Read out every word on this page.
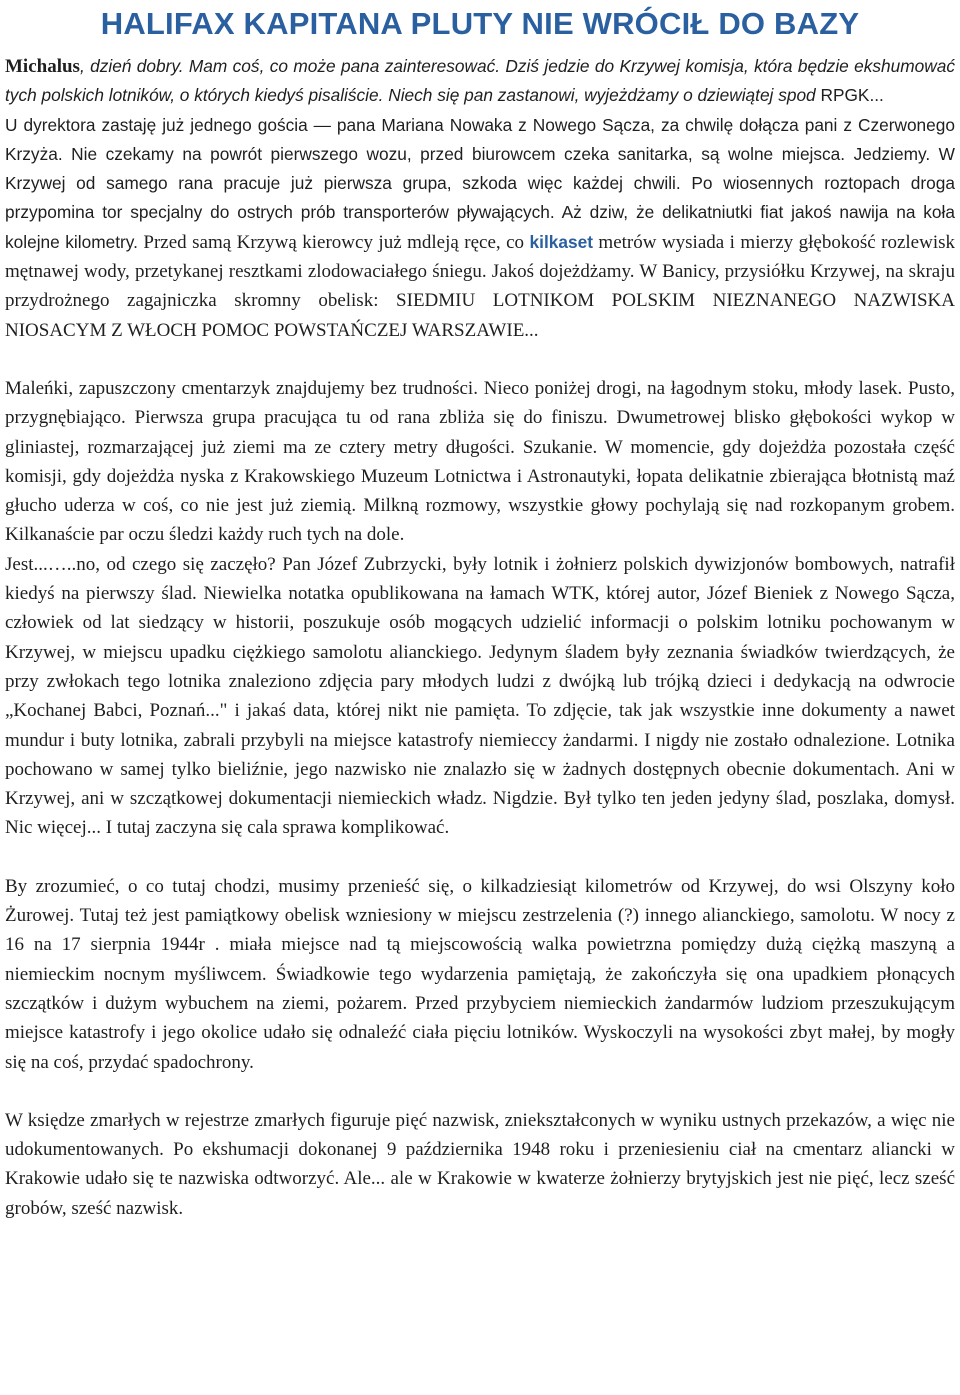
HALIFAX KAPITANA PLUTY NIE WRÓCIŁ DO BAZY

Michalus, dzień dobry. Mam coś, co może pana zainteresować. Dziś jedzie do Krzywej komisja, która będzie ekshumować tych polskich lotników, o których kiedyś pisaliście. Niech się pan zastanowi, wyjeżdżamy o dziewiątej spod RPGK...
U dyrektora zastaję już jednego gościa ― pana Mariana Nowaka z Nowego Sącza, za chwilę dołącza pani z Czerwonego Krzyża. Nie czekamy na powrót pierwszego wozu, przed biurowcem czeka sanitarka, są wolne miejsca. Jedziemy. W Krzywej od samego rana pracuje już pierwsza grupa, szkoda więc każdej chwili. Po wiosennych roztopach droga przypomina tor specjalny do ostrych prób transporterów pływających. Aż dziw, że delikatniutki fiat jakoś nawija na koła kolejne kilometry. Przed samą Krzywą kierowcy już mdleją ręce, co kilkaset metrów wysiada i mierzy głębokość rozlewisk mętnawej wody, przetykanej resztkami zlodowaciałego śniegu. Jakoś dojeżdżamy. W Banicy, przysiółku Krzywej, na skraju przydrożnego zagajniczka skromny obelisk: SIEDMIU LOTNIKOM POLSKIM NIEZNANEGO NAZWISKA NIOSACYM Z WŁOCH POMOC POWSTAŃCZEJ WARSZAWIE...

Maleńki, zapuszczony cmentarzyk znajdujemy bez trudności. Nieco poniżej drogi, na łagodnym stoku, młody lasek. Pusto, przygnębiająco. Pierwsza grupa pracująca tu od rana zbliża się do finiszu. Dwumetrowej blisko głębokości wykop w gliniastej, rozmarzającej już ziemi ma ze cztery metry długości. Szukanie. W momencie, gdy dojeżdża pozostała część komisji, gdy dojeżdża nyska z Krakowskiego Muzeum Lotnictwa i Astronautyki, łopata delikatnie zbierająca błotnistą maź głucho uderza w coś, co nie jest już ziemią. Milkną rozmowy, wszystkie głowy pochylają się nad rozkopanym grobem. Kilkanaście par oczu śledzi każdy ruch tych na dole.

Jest...…..no, od czego się zaczęło? Pan Józef Zubrzycki, były lotnik i żołnierz polskich dywizjonów bombowych, natrafił kiedyś na pierwszy ślad. Niewielka notatka opublikowana na łamach WTK, której autor, Józef Bieniek z Nowego Sącza, człowiek od lat siedzący w historii, poszukuje osób mogących udzielić informacji o polskim lotniku pochowanym w Krzywej, w miejscu upadku ciężkiego samolotu alianckiego. Jedynym śladem były zeznania świadków twierdzących, że przy zwłokach tego lotnika znaleziono zdjęcia pary młodych ludzi z dwójką lub trójką dzieci i dedykacją na odwrocie „Kochanej Babci, Poznań..." i jakaś data, której nikt nie pamięta. To zdjęcie, tak jak wszystkie inne dokumenty a nawet mundur i buty lotnika, zabrali przybyli na miejsce katastrofy niemieccy żandarmi. I nigdy nie zostało odnalezione. Lotnika pochowano w samej tylko bieliźnie, jego nazwisko nie znalazło się w żadnych dostępnych obecnie dokumentach. Ani w Krzywej, ani w szczątkowej dokumentacji niemieckich władz. Nigdzie. Był tylko ten jeden jedyny ślad, poszlaka, domysł. Nic więcej... I tutaj zaczyna się cala sprawa komplikować.

By zrozumieć, o co tutaj chodzi, musimy przenieść się, o kilkadziesiąt kilometrów od Krzywej, do wsi Olszyny koło Żurowej. Tutaj też jest pamiątkowy obelisk wzniesiony w miejscu zestrzelenia (?) innego alianckiego, samolotu. W nocy z 16 na 17 sierpnia 1944r . miała miejsce nad tą miejscowością walka powietrzna pomiędzy dużą ciężką maszyną a niemieckim nocnym myśliwcem. Świadkowie tego wydarzenia pamiętają, że zakończyła się ona upadkiem płonących szczątków i dużym wybuchem na ziemi, pożarem. Przed przybyciem niemieckich żandarmów ludziom przeszukującym miejsce katastrofy i jego okolice udało się odnaleźć ciała pięciu lotników. Wyskoczyli na wysokości zbyt małej, by mogły się na coś, przydać spadochrony.

W księdze zmarłych w rejestrze zmarłych figuruje pięć nazwisk, zniekształconych w wyniku ustnych przekazów, a więc nie udokumentowanych. Po ekshumacji dokonanej 9 października 1948 roku i przeniesieniu ciał na cmentarz aliancki w Krakowie udało się te nazwiska odtworzyć. Ale... ale w Krakowie w kwaterze żołnierzy brytyjskich jest nie pięć, lecz sześć grobów, sześć nazwisk.
